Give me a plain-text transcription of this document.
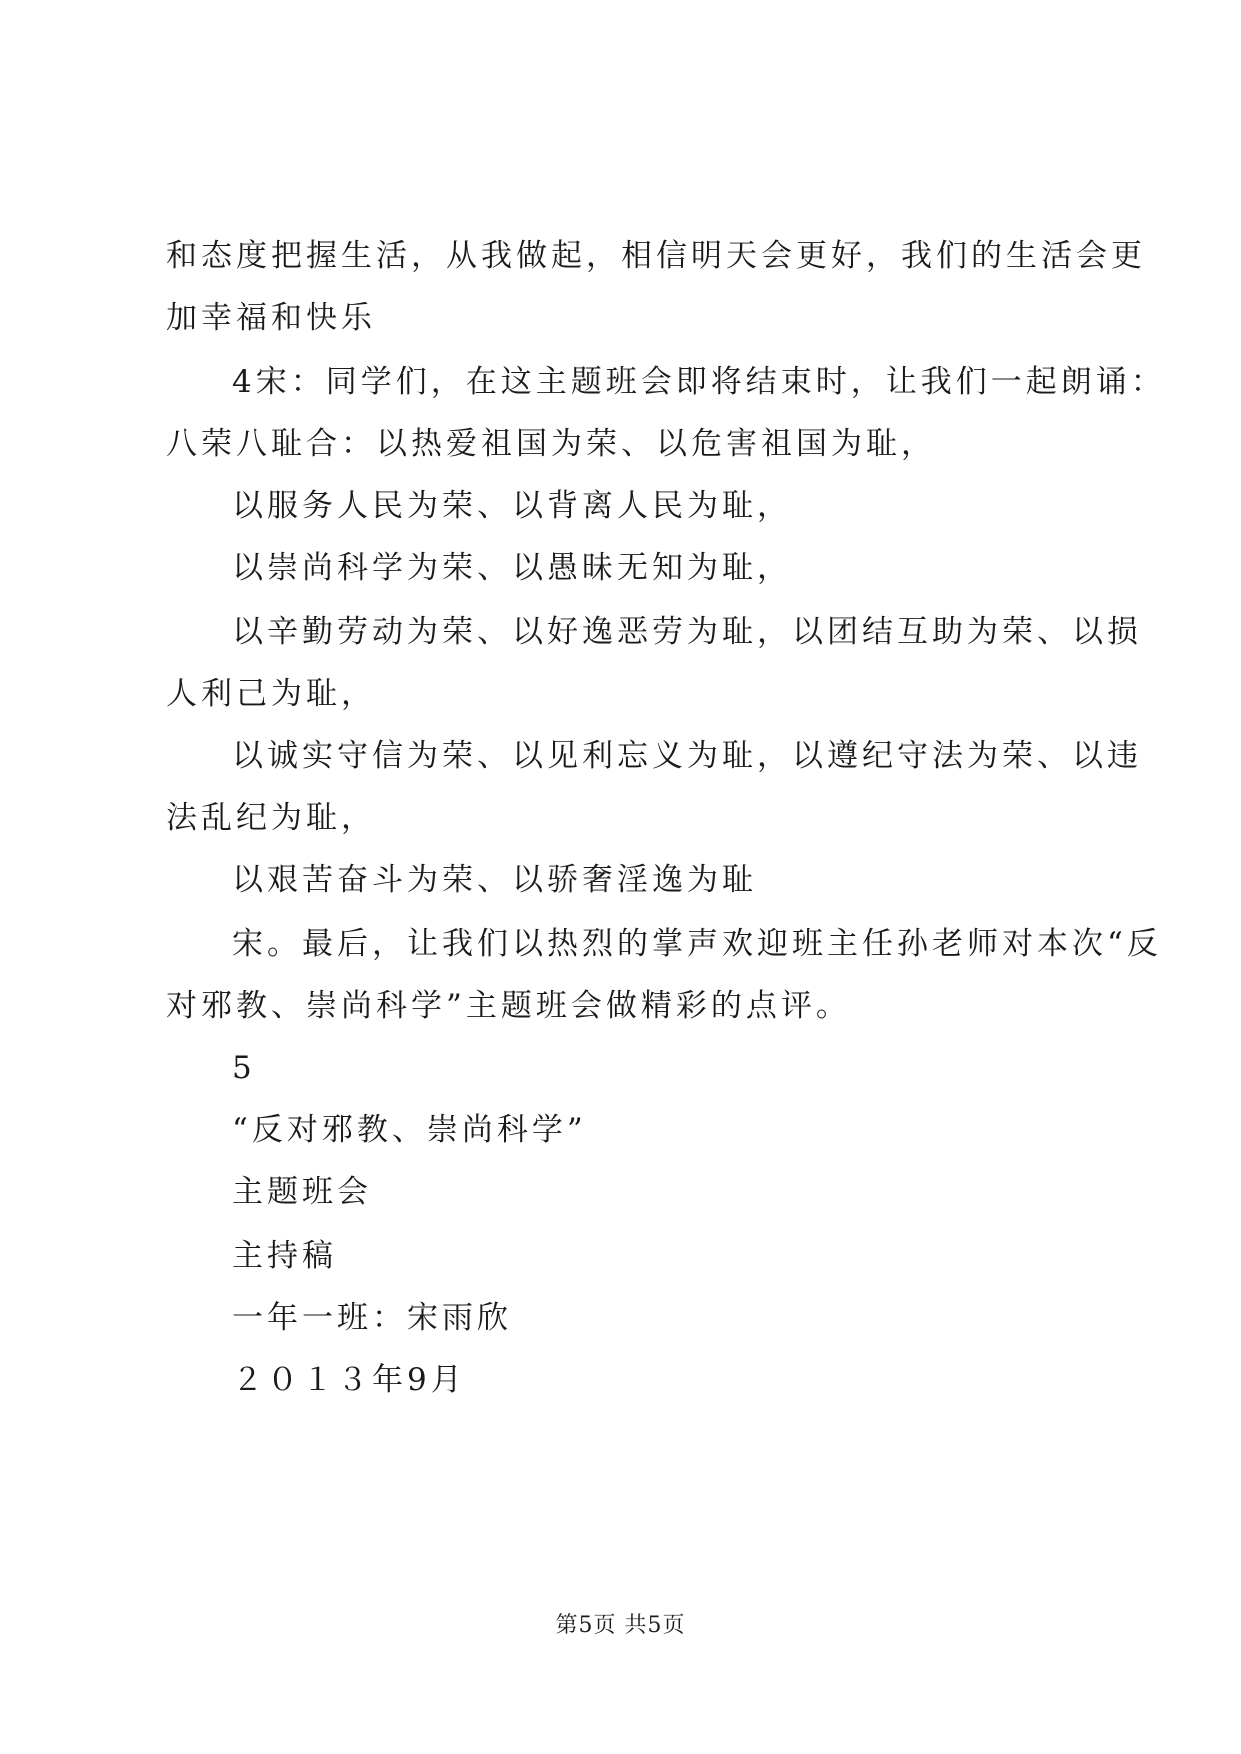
和态度把握生活，从我做起，相信明天会更好，我们的生活会更
加幸福和快乐
4宋：同学们，在这主题班会即将结束时，让我们一起朗诵：
八荣八耻合：以热爱祖国为荣、以危害祖国为耻，
以服务人民为荣、以背离人民为耻，
以崇尚科学为荣、以愚昧无知为耻，
以辛勤劳动为荣、以好逸恶劳为耻，以团结互助为荣、以损
人利己为耻，
以诚实守信为荣、以见利忘义为耻，以遵纪守法为荣、以违
法乱纪为耻，
以艰苦奋斗为荣、以骄奢淫逸为耻
宋。最后，让我们以热烈的掌声欢迎班主任孙老师对本次“反
对邪教、崇尚科学”主题班会做精彩的点评。
5
“反对邪教、崇尚科学”
主题班会
主持稿
一年一班：宋雨欣
２０１３年9月
第5页 共5页
